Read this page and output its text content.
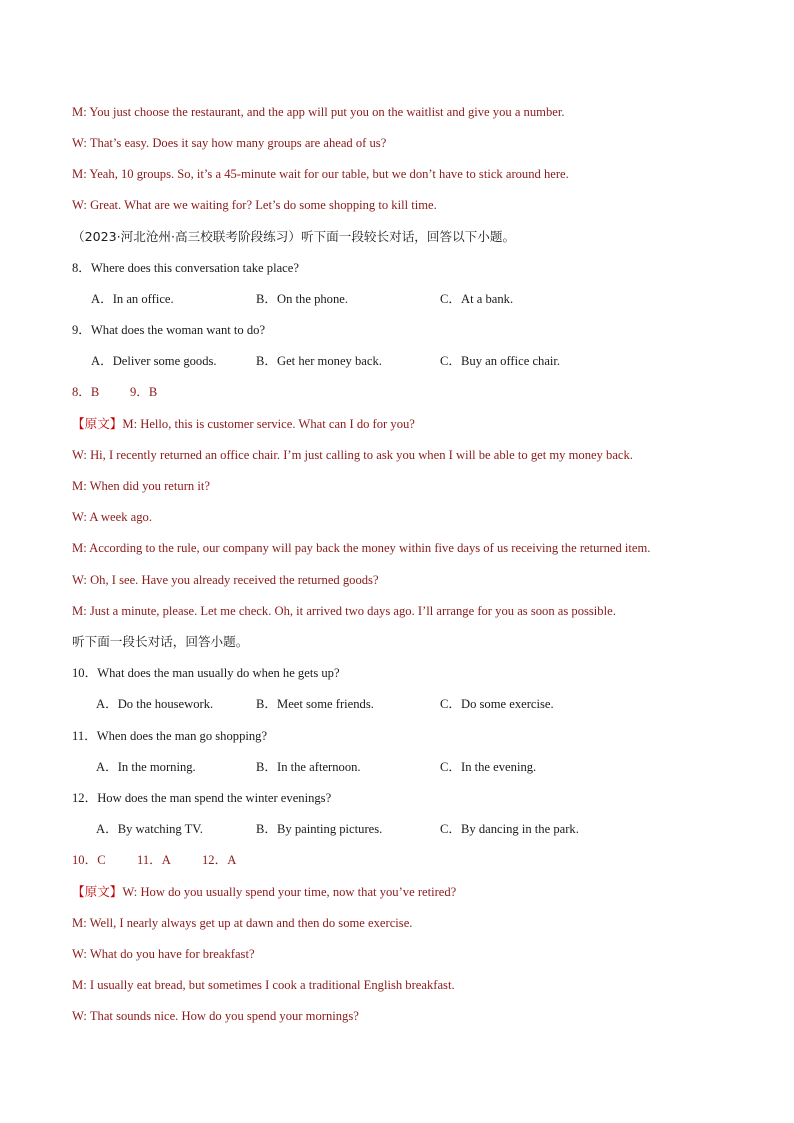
M: You just choose the restaurant, and the app will put you on the waitlist and give you a number.
W: That’s easy. Does it say how many groups are ahead of us?
M: Yeah, 10 groups. So, it’s a 45-minute wait for our table, but we don’t have to stick around here.
W: Great. What are we waiting for? Let’s do some shopping to kill time.
（2023·河北沧州·高三校联考阶段练习）听下面一段较长对话，回答以下小题。
8．Where does this conversation take place?
A．In an office.	B．On the phone.	C．At a bank.
9．What does the woman want to do?
A．Deliver some goods.	B．Get her money back.	C．Buy an office chair.
8．B 9．B
【原文】M: Hello, this is customer service. What can I do for you?
W: Hi, I recently returned an office chair. I’m just calling to ask you when I will be able to get my money back.
M: When did you return it?
W: A week ago.
M: According to the rule, our company will pay back the money within five days of us receiving the returned item.
W: Oh, I see. Have you already received the returned goods?
M: Just a minute, please. Let me check. Oh, it arrived two days ago. I’ll arrange for you as soon as possible.
听下面一段长对话，回答小题。
10．What does the man usually do when he gets up?
A．Do the housework.	B．Meet some friends.	C．Do some exercise.
11．When does the man go shopping?
A．In the morning.	B．In the afternoon.	C．In the evening.
12．How does the man spend the winter evenings?
A．By watching TV.	B．By painting pictures.	C．By dancing in the park.
10．C 11．A 12．A
【原文】W: How do you usually spend your time, now that you’ve retired?
M: Well, I nearly always get up at dawn and then do some exercise.
W: What do you have for breakfast?
M: I usually eat bread, but sometimes I cook a traditional English breakfast.
W: That sounds nice. How do you spend your mornings?
